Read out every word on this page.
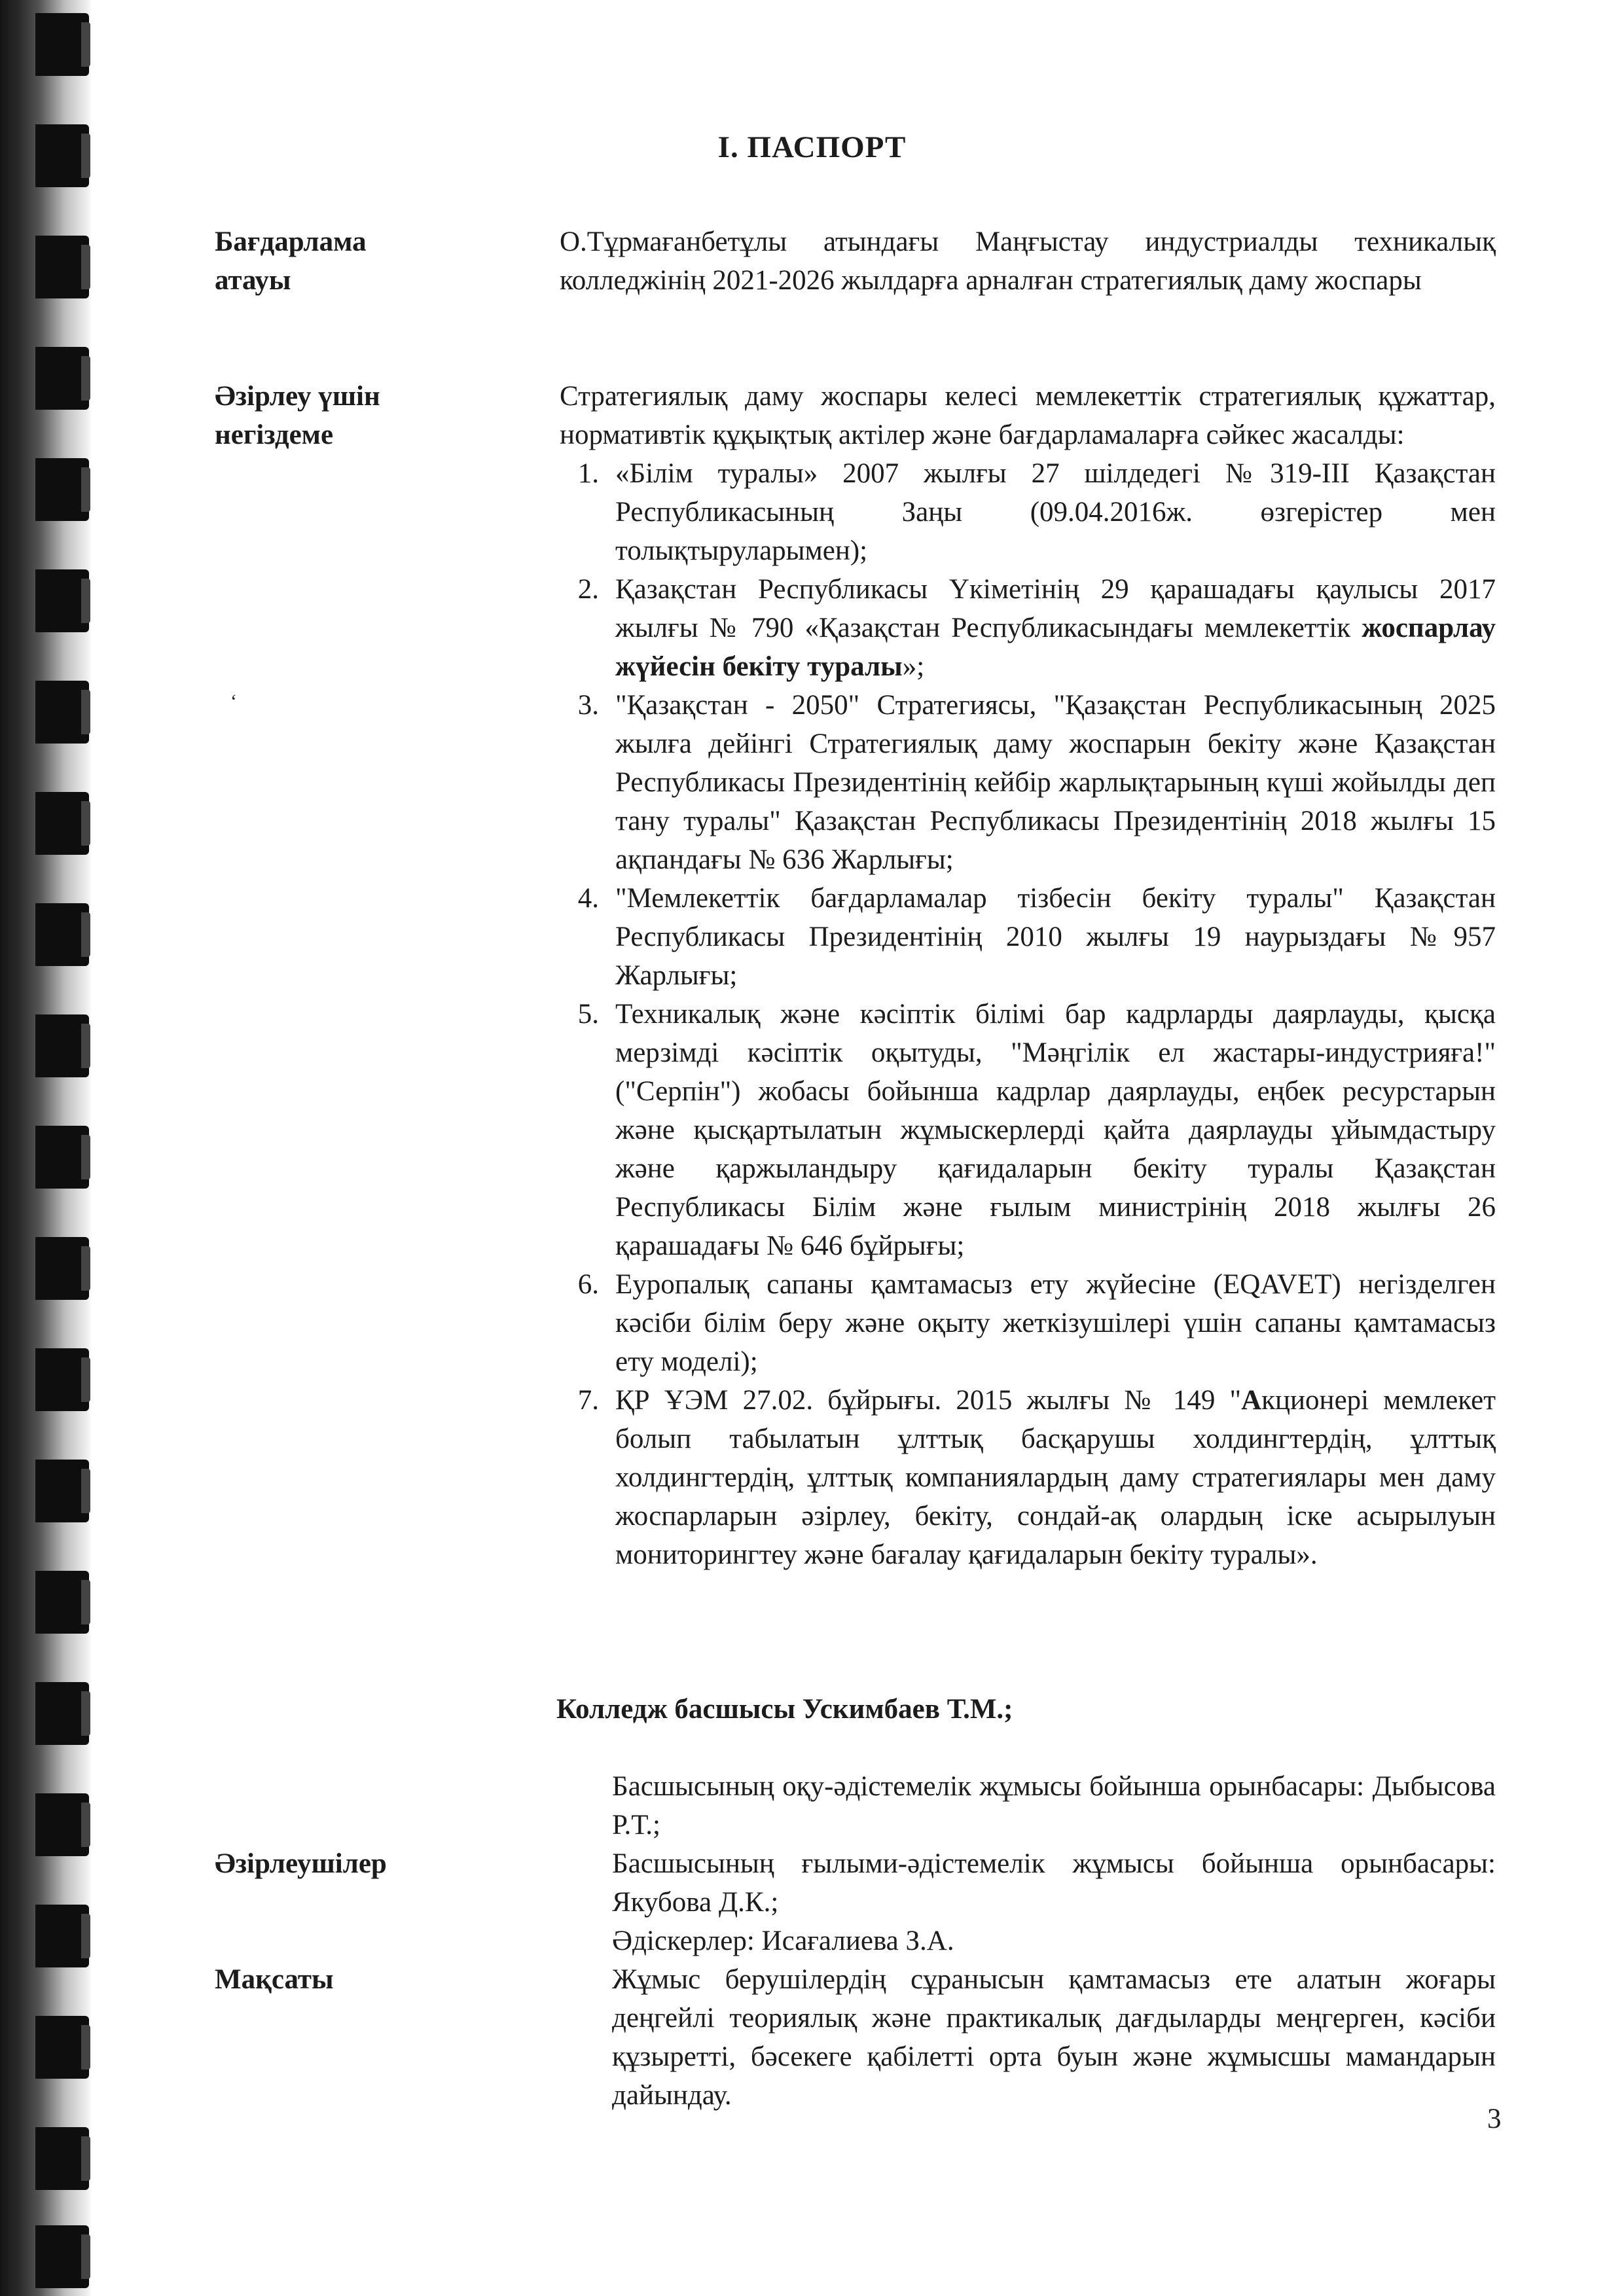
I. ПАСПОРТ
Бағдарлама атауы
О.Тұрмағанбетұлы атындағы Маңғыстау индустриалды техникалық колледжінің 2021-2026 жылдарға арналған стратегиялық даму жоспары
Әзірлеу үшін негіздеме

Стратегиялық даму жоспары келесі мемлекеттік стратегиялық құжаттар, нормативтік құқықтық актілер және бағдарламаларға сәйкес жасалды:

1. «Білім туралы» 2007 жылғы 27 шілдедегі №319-III Қазақстан Республикасының Заңы (09.04.2016ж. өзгерістер мен толықтыруларымен);
2. Қазақстан Республикасы Үкіметінің 29 қарашадағы қаулысы 2017 жылғы № 790 «Қазақстан Республикасындағы мемлекеттік жоспарлау жүйесін бекіту туралы»;
3. "Қазақстан - 2050" Стратегиясы, "Қазақстан Республикасының 2025 жылға дейінгі Стратегиялық даму жоспарын бекіту және Қазақстан Республикасы Президентінің кейбір жарлықтарының күші жойылды деп тану туралы" Қазақстан Республикасы Президентінің 2018 жылғы 15 ақпандағы № 636 Жарлығы;
4. "Мемлекеттік бағдарламалар тізбесін бекіту туралы" Қазақстан Республикасы Президентінің 2010 жылғы 19 наурыздағы №957 Жарлығы;
5. Техникалық және кәсіптік білімі бар кадрларды даярлауды, қысқа мерзімді кәсіптік оқытуды, "Мәңгілік ел жастары-индустрияға!" ("Серпін") жобасы бойынша кадрлар даярлауды, еңбек ресурстарын және қысқартылатын жұмыскерлерді қайта даярлауды ұйымдастыру және қаржыландыру қағидаларын бекіту туралы Қазақстан Республикасы Білім және ғылым министрінің 2018 жылғы 26 қарашадағы № 646 бұйрығы;
6. Еуропалық сапаны қамтамасыз ету жүйесіне (EQAVET) негізделген кәсіби білім беру және оқыту жеткізушілері үшін сапаны қамтамасыз ету моделі);
7. ҚР ҰЭМ 27.02. бұйрығы. 2015 жылғы № 149 "Акционері мемлекет болып табылатын ұлттық басқарушы холдингтердің, ұлттық холдингтердің, ұлттық компаниялардың даму стратегиялары мен даму жоспарларын әзірлеу, бекіту, сондай-ақ олардың іске асырылуын мониторингтеу және бағалау қағидаларын бекіту туралы».
‘
Колледж басшысы Ускимбаев Т.М.;

Басшысының оқу-әдістемелік жұмысы бойынша орынбасары: Дыбысова Р.Т.;

Басшысының ғылыми-әдістемелік жұмысы бойынша орынбасары: Якубова Д.К.;

Әдіскерлер: Исағалиева З.А.

Әзірлеушілер
Мақсаты	Жұмыс берушілердің сұранысын қамтамасыз ете алатын жоғары деңгейлі теориялық және практикалық дағдыларды меңгерген, кәсіби құзыретті, бәсекеге қабілетті орта буын және жұмысшы мамандарын дайындау.
3
